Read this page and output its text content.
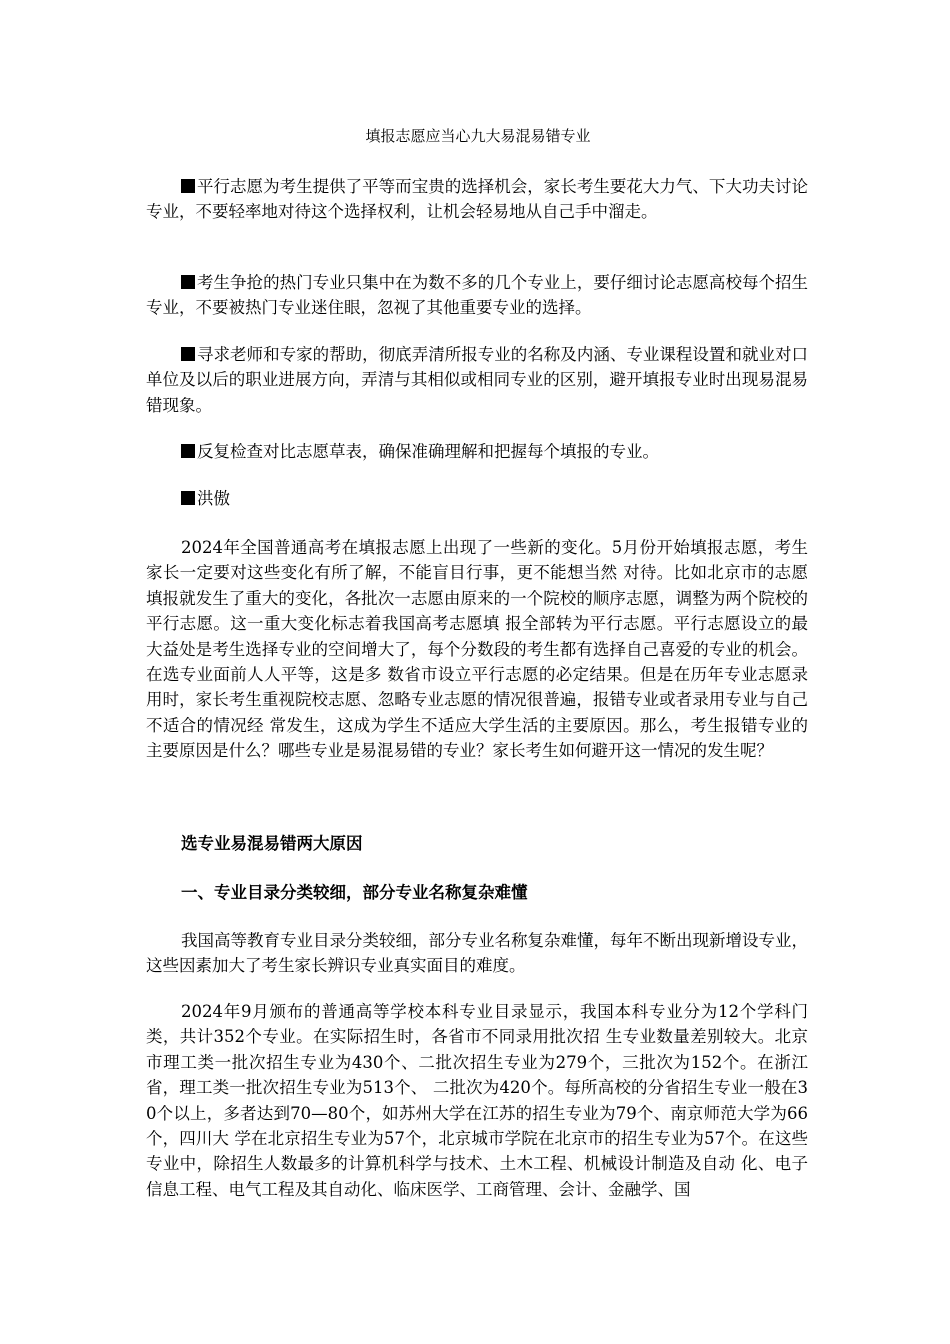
填报志愿应当心九大易混易错专业

平行志愿为考生提供了平等而宝贵的选择机会，家长考生要花大力气、下大功夫讨论专业，不要轻率地对待这个选择权利，让机会轻易地从自己手中溜走。

考生争抢的热门专业只集中在为数不多的几个专业上，要仔细讨论志愿高校每个招生专业，不要被热门专业迷住眼，忽视了其他重要专业的选择。

寻求老师和专家的帮助，彻底弄清所报专业的名称及内涵、专业课程设置和就业对口单位及以后的职业进展方向，弄清与其相似或相同专业的区别，避开填报专业时出现易混易错现象。

反复检查对比志愿草表，确保准确理解和把握每个填报的专业。

洪傲

2024年全国普通高考在填报志愿上出现了一些新的变化。5月份开始填报志愿，考生家长一定要对这些变化有所了解，不能盲目行事，更不能想当然 对待。比如北京市的志愿填报就发生了重大的变化，各批次一志愿由原来的一个院校的顺序志愿，调整为两个院校的平行志愿。这一重大变化标志着我国高考志愿填 报全部转为平行志愿。平行志愿设立的最大益处是考生选择专业的空间增大了，每个分数段的考生都有选择自己喜爱的专业的机会。在选专业面前人人平等，这是多 数省市设立平行志愿的必定结果。但是在历年专业志愿录用时，家长考生重视院校志愿、忽略专业志愿的情况很普遍，报错专业或者录用专业与自己不适合的情况经 常发生，这成为学生不适应大学生活的主要原因。那么，考生报错专业的主要原因是什么？哪些专业是易混易错的专业？家长考生如何避开这一情况的发生呢？

选专业易混易错两大原因

一、专业目录分类较细，部分专业名称复杂难懂

我国高等教育专业目录分类较细，部分专业名称复杂难懂，每年不断出现新增设专业，这些因素加大了考生家长辨识专业真实面目的难度。

2024年9月颁布的普通高等学校本科专业目录显示，我国本科专业分为12个学科门类，共计352个专业。在实际招生时，各省市不同录用批次招 生专业数量差别较大。北京市理工类一批次招生专业为430个、二批次招生专业为279个，三批次为152个。在浙江省，理工类一批次招生专业为513个、 二批次为420个。每所高校的分省招生专业一般在30个以上，多者达到70—80个，如苏州大学在江苏的招生专业为79个、南京师范大学为66个，四川大 学在北京招生专业为57个，北京城市学院在北京市的招生专业为57个。在这些专业中，除招生人数最多的计算机科学与技术、土木工程、机械设计制造及自动 化、电子信息工程、电气工程及其自动化、临床医学、工商管理、会计、金融学、国
